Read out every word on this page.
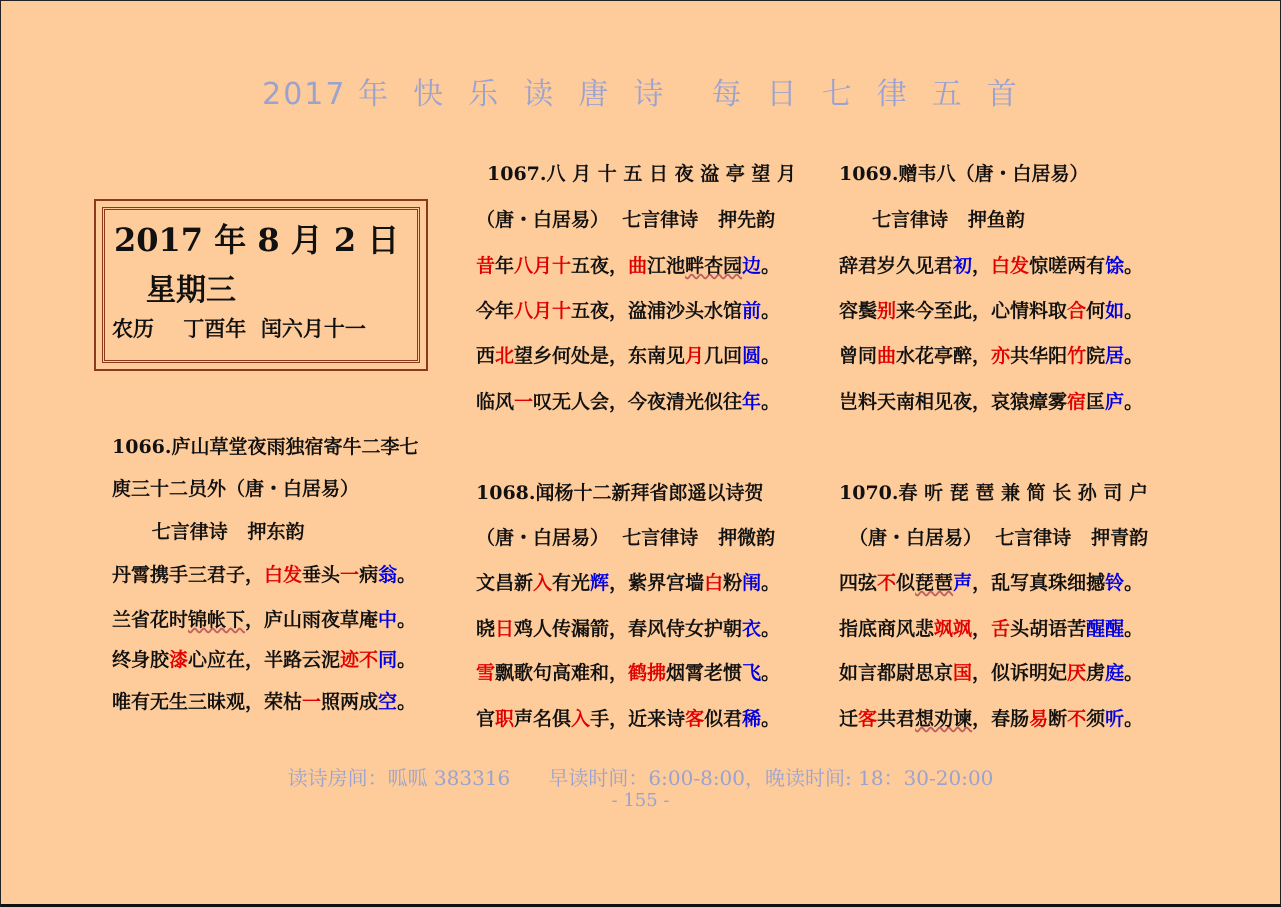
2017 年  快  乐  读  唐  诗    每  日  七  律  五  首
2017 年 8 月 2 日
星期三
农历    丁酉年  闰六月十一
1066.庐山草堂夜雨独宿寄牛二李七
庾三十二员外（唐・白居易）
七言律诗   押东韵
丹霄携手三君子，白发垂头一病翁。
兰省花时锦帐下，庐山雨夜草庵中。
终身胶漆心应在，半路云泥迹不同。
唯有无生三昧观，荣枯一照两成空。
1067.八 月 十 五 日 夜 湓 亭 望 月
（唐・白居易）  七言律诗   押先韵
昔年八月十五夜，曲江池畔杏园边。
今年八月十五夜，湓浦沙头水馆前。
西北望乡何处是，东南见月几回圆。
临风一叹无人会，今夜清光似往年。
1068.闻杨十二新拜省郎遥以诗贺
（唐・白居易）  七言律诗   押微韵
文昌新入有光辉，紫界宫墙白粉闱。
晓日鸡人传漏箭，春风侍女护朝衣。
雪飘歌句高难和，鹤拂烟霄老惯飞。
官职声名俱入手，近来诗客似君稀。
1069.赠韦八（唐・白居易）
七言律诗   押鱼韵
辞君岁久见君初，白发惊嗟两有馀。
容鬓别来今至此，心情料取合何如。
曾同曲水花亭醉，亦共华阳竹院居。
岂料天南相见夜，哀猿瘴雾宿匡庐。
1070.春 听 琵 琶 兼 简 长 孙 司 户
（唐・白居易）  七言律诗   押青韵
四弦不似琵琶声，乱写真珠细撼铃。
指底商风悲飒飒，舌头胡语苦醒醒。
如言都尉思京国，似诉明妃厌虏庭。
迁客共君想劝谏，春肠易断不须听。
读诗房间：呱呱 383316      早读时间：6:00-8:00，晚读时间: 18：30-20:00
- 155 -
